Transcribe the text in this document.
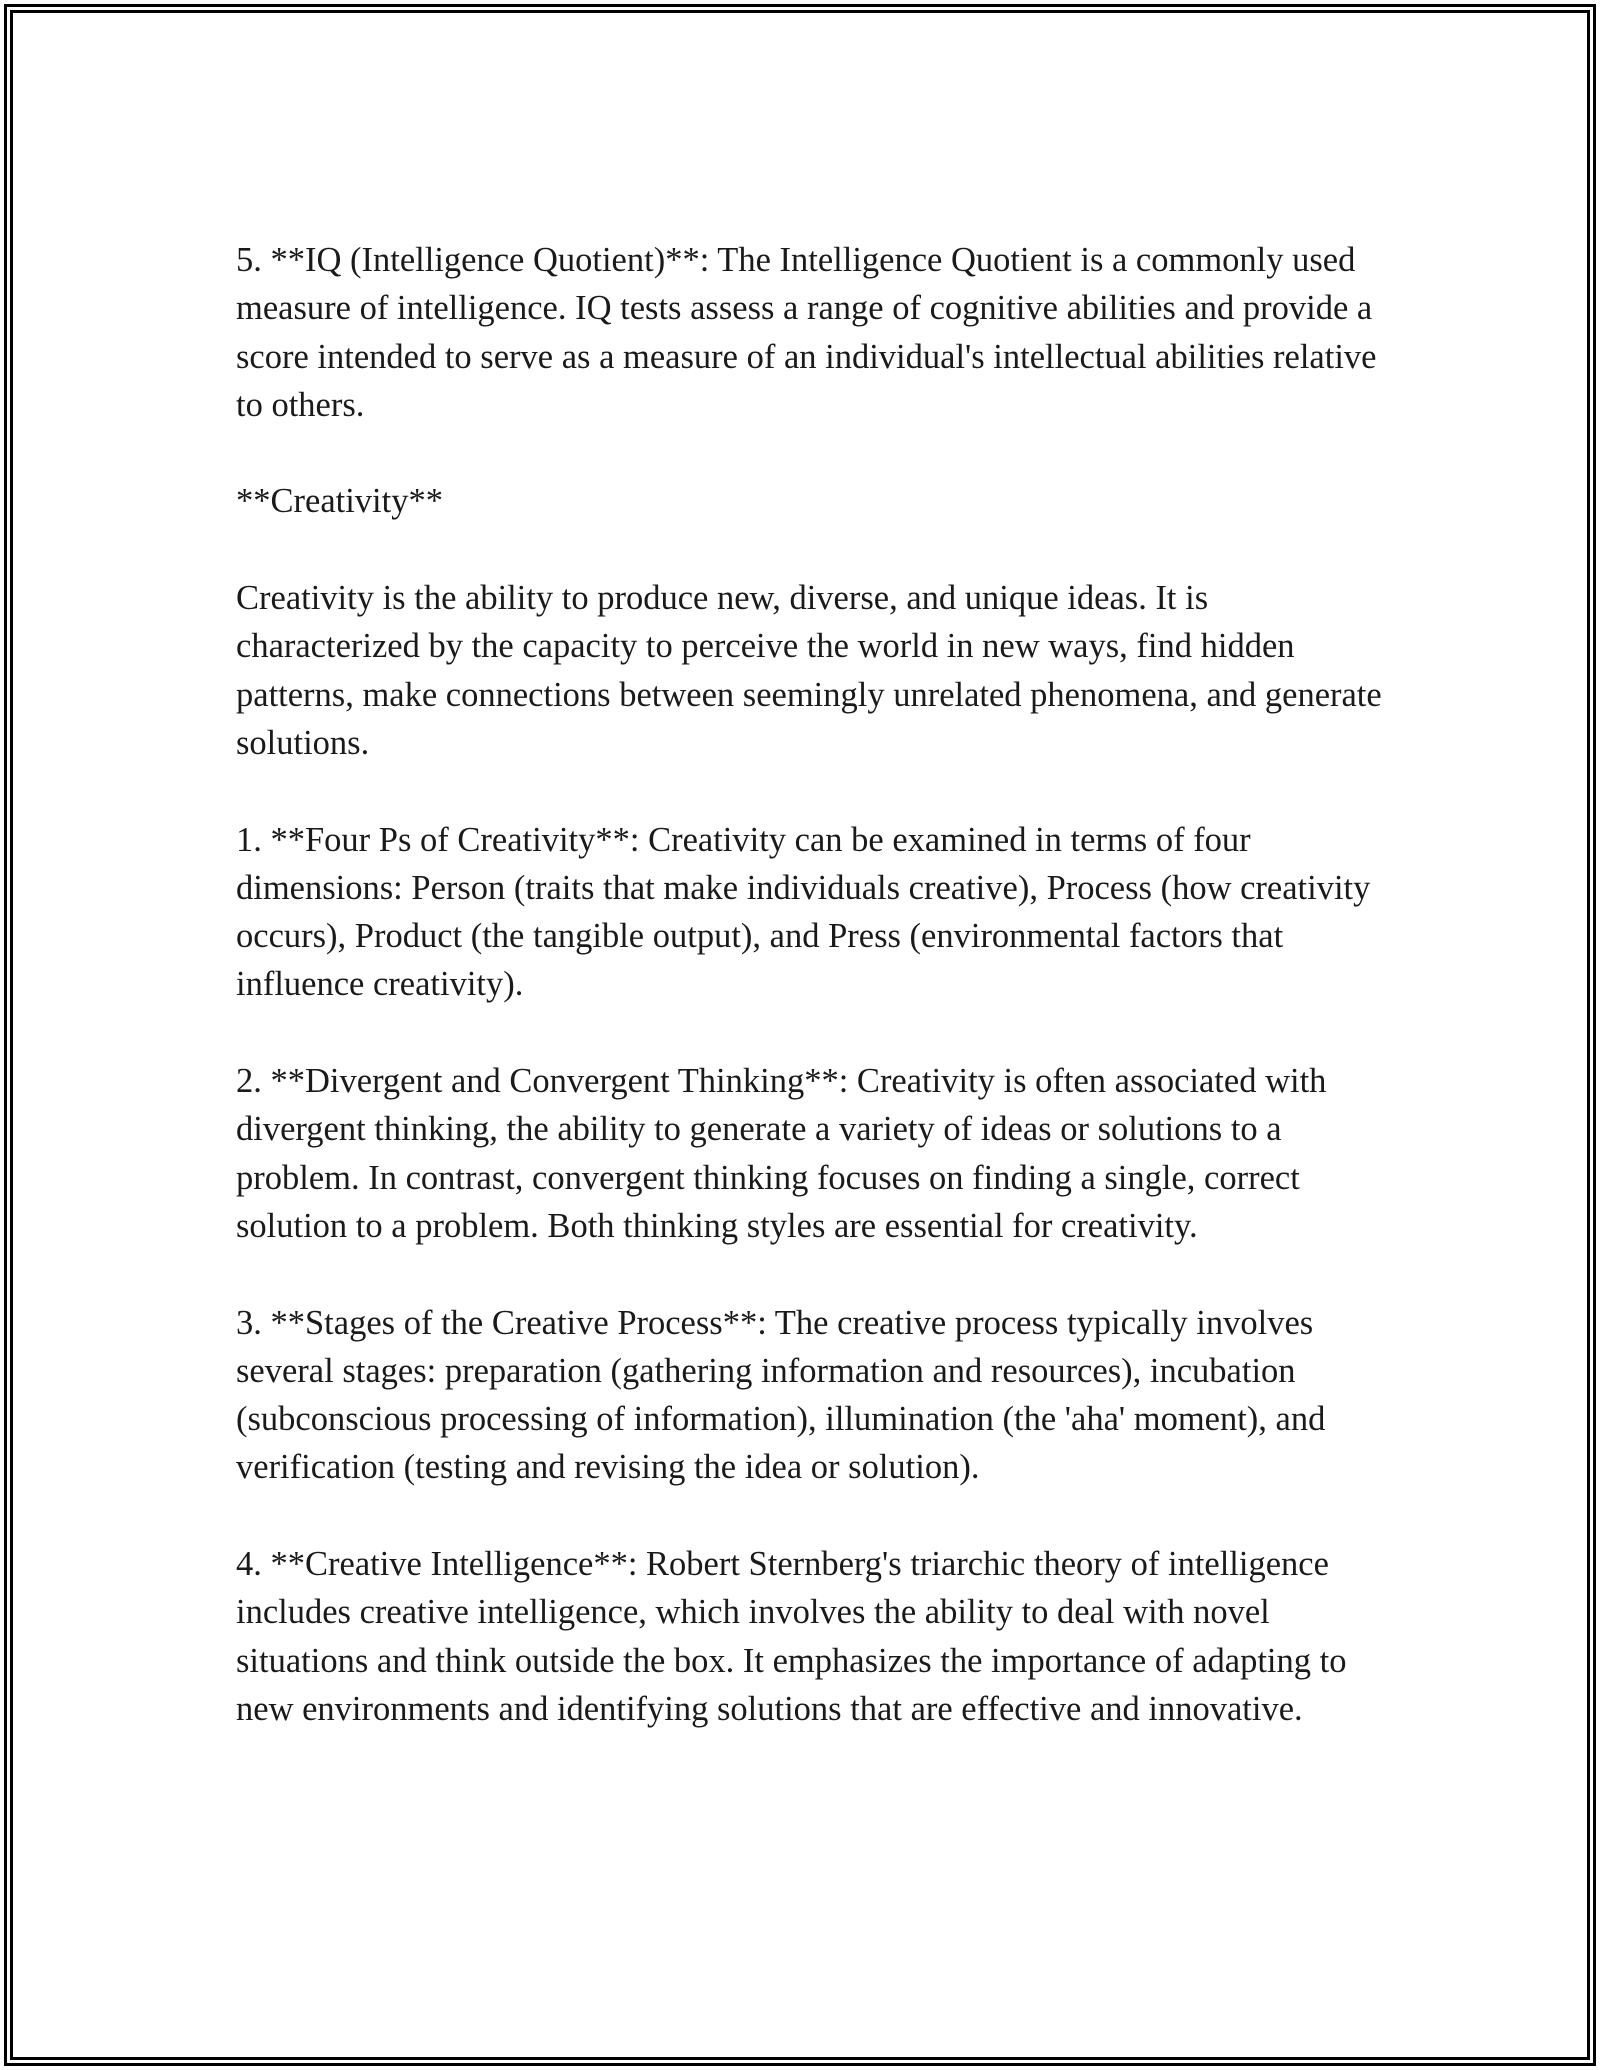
5. **IQ (Intelligence Quotient)**: The Intelligence Quotient is a commonly used measure of intelligence. IQ tests assess a range of cognitive abilities and provide a score intended to serve as a measure of an individual's intellectual abilities relative to others.

**Creativity**

Creativity is the ability to produce new, diverse, and unique ideas. It is characterized by the capacity to perceive the world in new ways, find hidden patterns, make connections between seemingly unrelated phenomena, and generate solutions.

1. **Four Ps of Creativity**: Creativity can be examined in terms of four dimensions: Person (traits that make individuals creative), Process (how creativity occurs), Product (the tangible output), and Press (environmental factors that influence creativity).

2. **Divergent and Convergent Thinking**: Creativity is often associated with divergent thinking, the ability to generate a variety of ideas or solutions to a problem. In contrast, convergent thinking focuses on finding a single, correct solution to a problem. Both thinking styles are essential for creativity.

3. **Stages of the Creative Process**: The creative process typically involves several stages: preparation (gathering information and resources), incubation (subconscious processing of information), illumination (the 'aha' moment), and verification (testing and revising the idea or solution).

4. **Creative Intelligence**: Robert Sternberg's triarchic theory of intelligence includes creative intelligence, which involves the ability to deal with novel situations and think outside the box. It emphasizes the importance of adapting to new environments and identifying solutions that are effective and innovative.
